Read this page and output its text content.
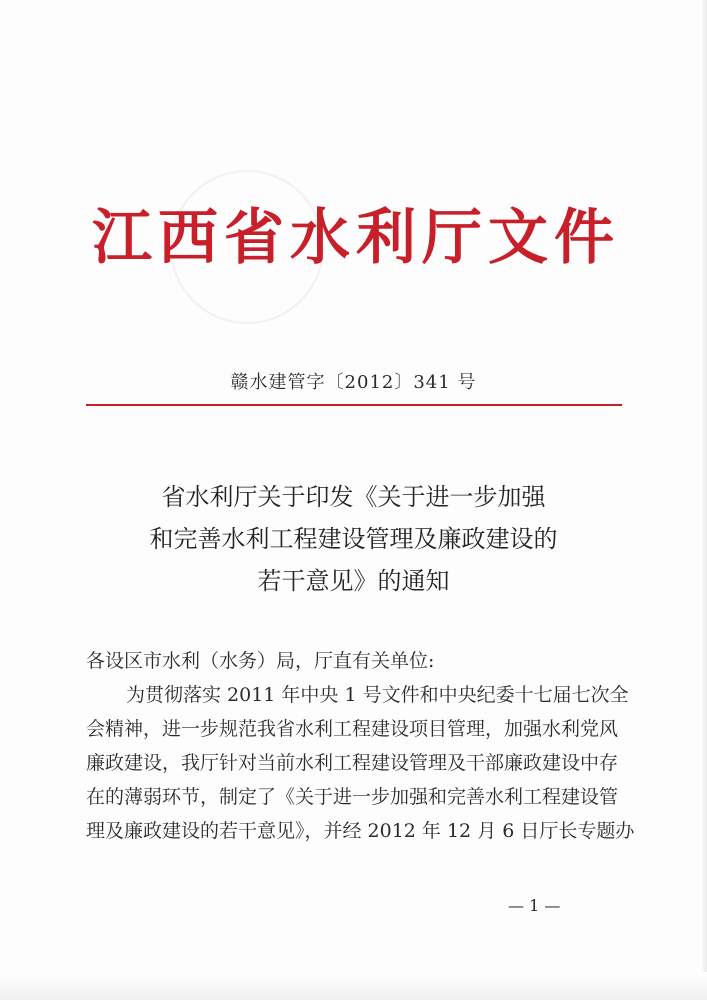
江西省水利厅文件
赣水建管字〔2012〕341 号
省水利厅关于印发《关于进一步加强
和完善水利工程建设管理及廉政建设的
若干意见》的通知
各设区市水利（水务）局，厅直有关单位:
为贯彻落实 2011 年中央 1 号文件和中央纪委十七届七次全
会精神，进一步规范我省水利工程建设项目管理，加强水利党风
廉政建设，我厅针对当前水利工程建设管理及干部廉政建设中存
在的薄弱环节，制定了《关于进一步加强和完善水利工程建设管
理及廉政建设的若干意见》，并经 2012 年 12 月 6 日厅长专题办
— 1 —
